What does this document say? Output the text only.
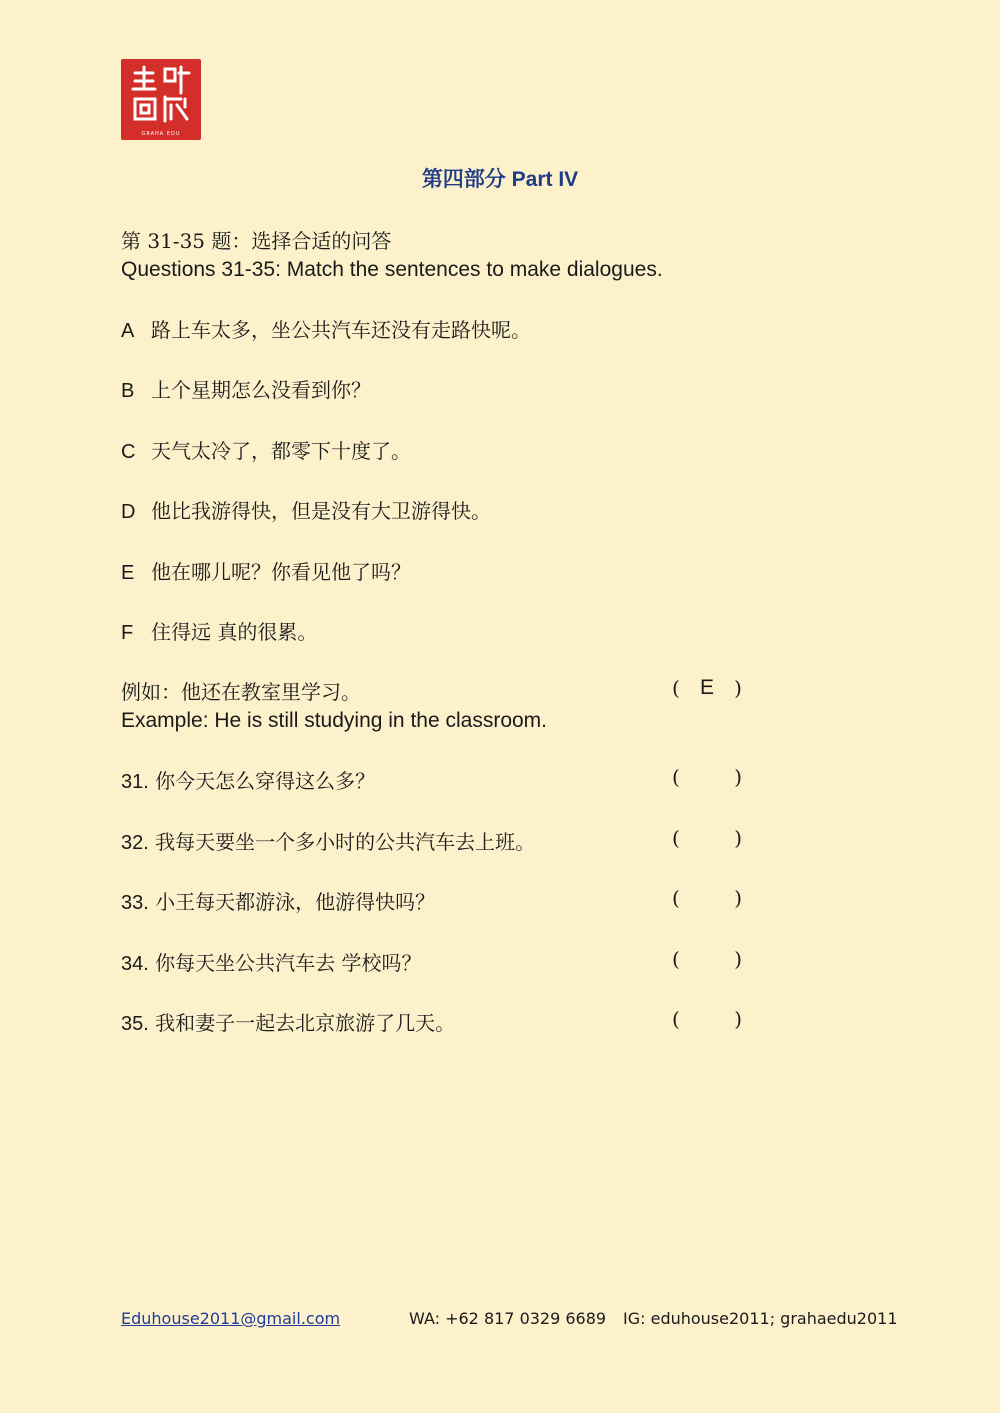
GRAHA EDU
第四部分 Part IV
第 31-35 题：选择合适的问答
Questions 31-35: Match the sentences to make dialogues.
A 路上车太多，坐公共汽车还没有走路快呢。
B 上个星期怎么没看到你？
C 天气太冷了，都零下十度了。
D 他比我游得快，但是没有大卫游得快。
E 他在哪儿呢？你看见他了吗？
F 住得远 真的很累。
例如：他还在教室里学习。	( E )
Example: He is still studying in the classroom.
31. 你今天怎么穿得这么多？	(	)
32. 我每天要坐一个多小时的公共汽车去上班。	(	)
33. 小王每天都游泳，他游得快吗？	(	)
34. 你每天坐公共汽车去 学校吗？	(	)
35. 我和妻子一起去北京旅游了几天。	(	)
Eduhouse2011@gmail.com	WA: +62 817 0329 6689 IG: eduhouse2011; grahaedu2011
